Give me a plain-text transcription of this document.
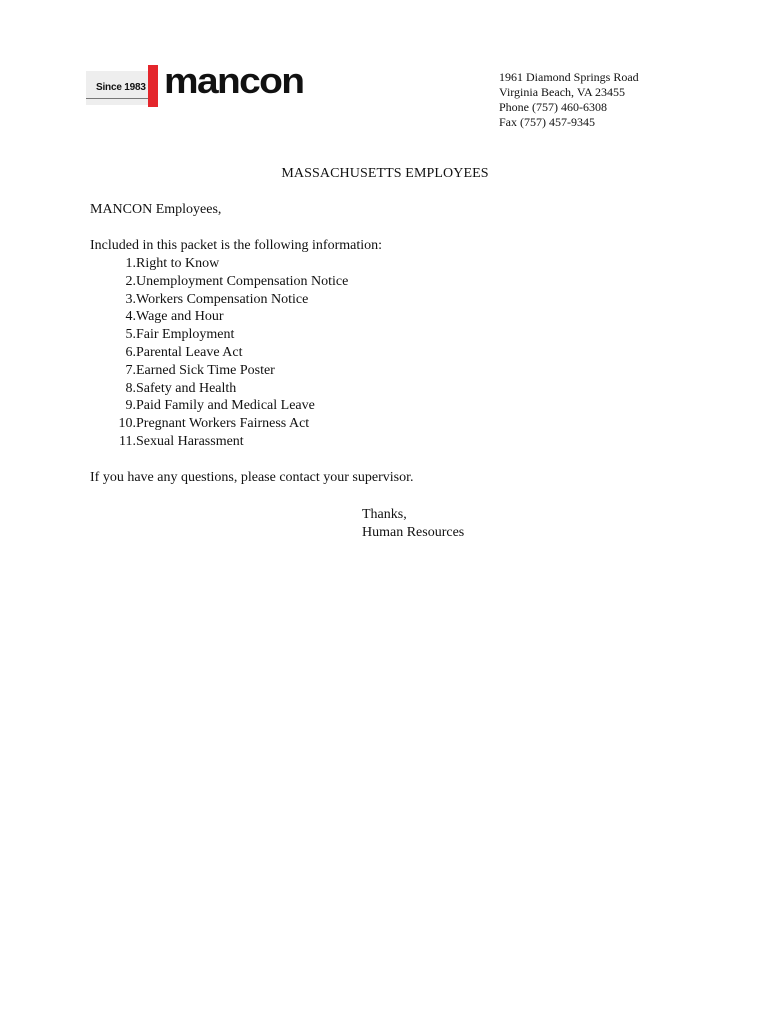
Since 1983 mancon	1961 Diamond Springs Road
Virginia Beach, VA 23455
Phone (757) 460-6308
Fax (757) 457-9345
MASSACHUSETTS EMPLOYEES
MANCON Employees,
Included in this packet is the following information:
1. Right to Know
2. Unemployment Compensation Notice
3. Workers Compensation Notice
4. Wage and Hour
5. Fair Employment
6. Parental Leave Act
7. Earned Sick Time Poster
8. Safety and Health
9. Paid Family and Medical Leave
10. Pregnant Workers Fairness Act
11. Sexual Harassment
If you have any questions, please contact your supervisor.
Thanks,
Human Resources
